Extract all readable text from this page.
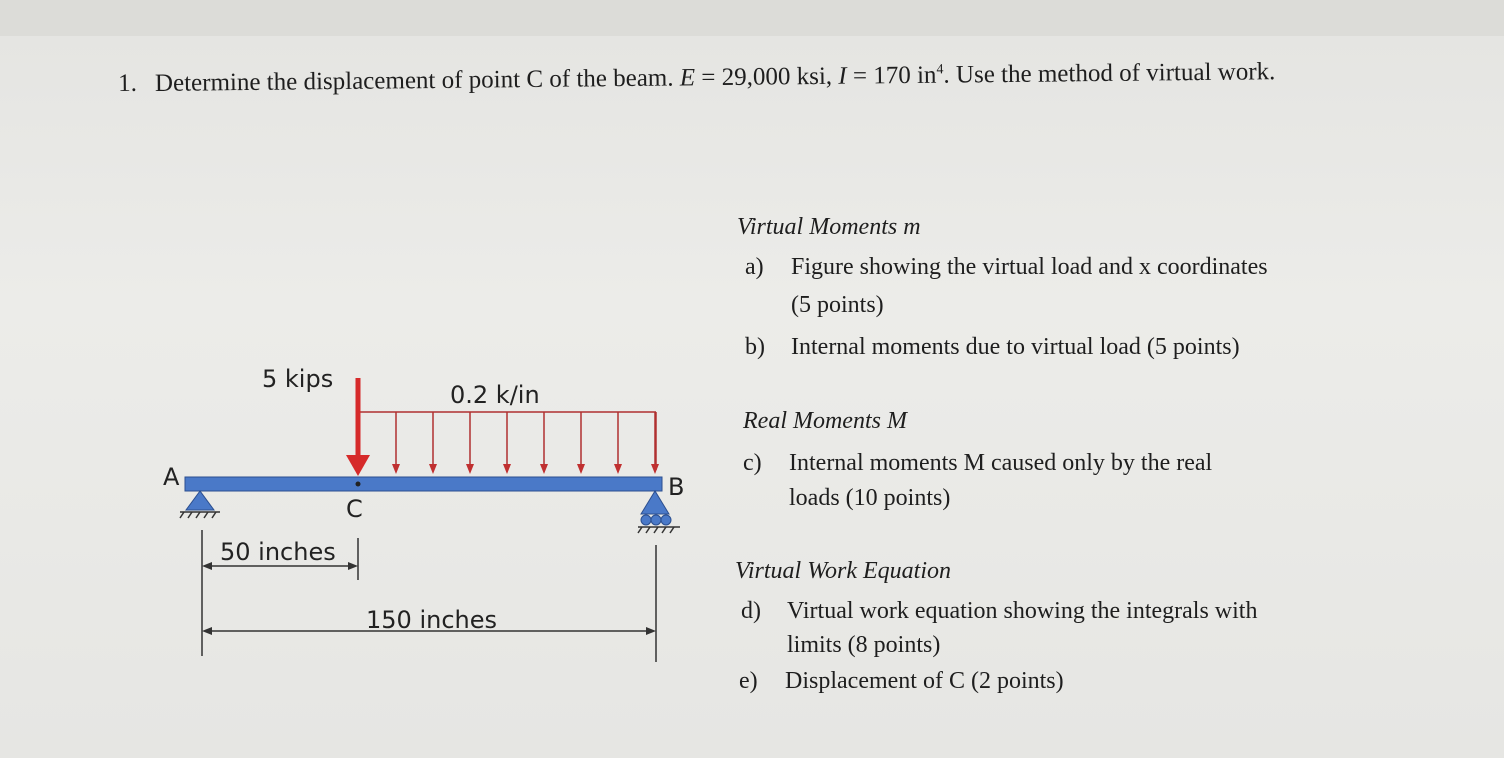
1. Determine the displacement of point C of the beam. E = 29,000 ksi, I = 170 $in^4$. Use the method of virtual work.
5 kips
0.2 k/in
A	B
C
50 inches
150 inches
Virtual Moments m
a)	Figure showing the virtual load and x coordinates
(5 points)
b)	Internal moments due to virtual load (5 points)
Real Moments M
c)	Internal moments M caused only by the real
loads (10 points)
Virtual Work Equation
d)	Virtual work equation showing the integrals with
limits (8 points)
e)	Displacement of C (2 points)
